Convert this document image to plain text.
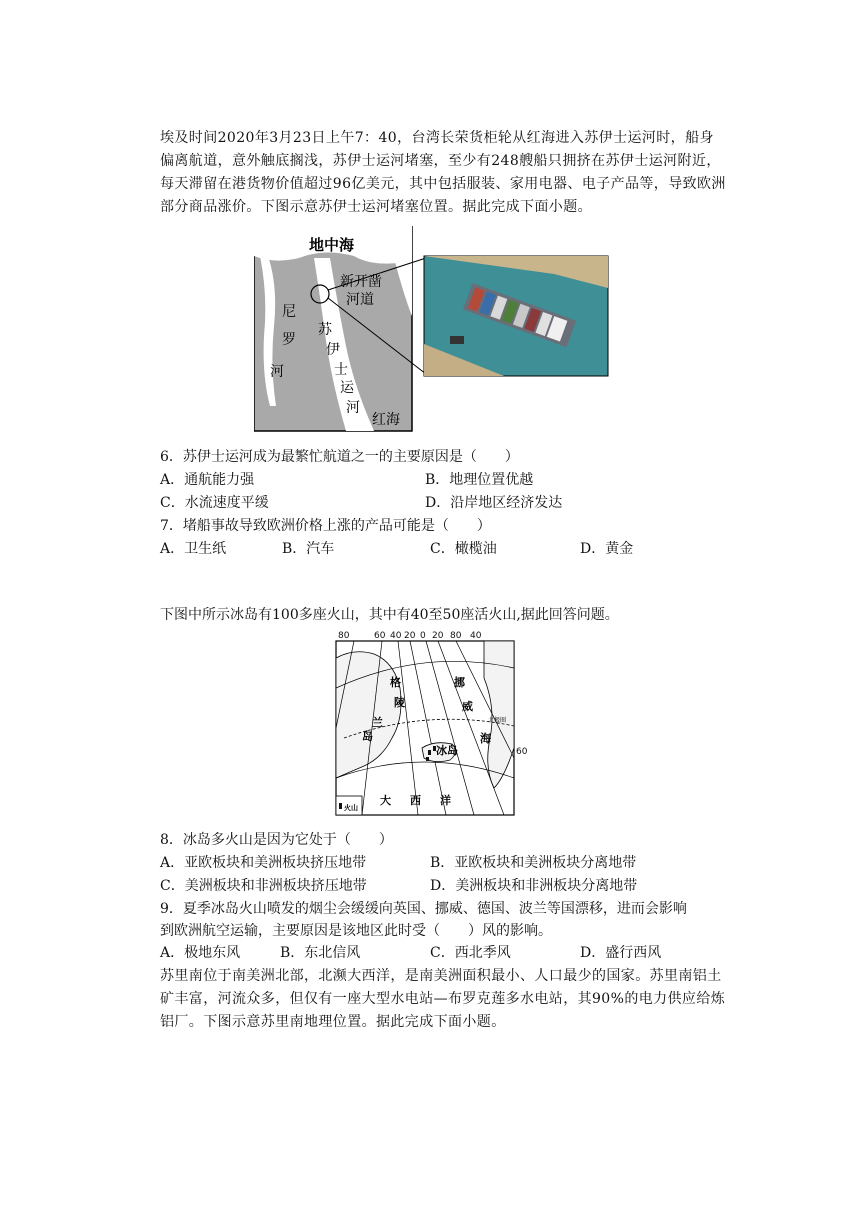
埃及时间2020年3月23日上午7：40，台湾长荣货柜轮从红海进入苏伊士运河时，船身偏离航道，意外触底搁浅，苏伊士运河堵塞，至少有248艘船只拥挤在苏伊士运河附近，每天滞留在港货物价值超过96亿美元，其中包括服装、家用电器、电子产品等，导致欧洲部分商品涨价。下图示意苏伊士运河堵塞位置。据此完成下面小题。
地中海
新开凿
河道
尼
罗
河
苏
伊
士
运
河
红海
6．苏伊士运河成为最繁忙航道之一的主要原因是（　　）
A．通航能力强	B．地理位置优越
C．水流速度平缓	D．沿岸地区经济发达
7．堵船事故导致欧洲价格上涨的产品可能是（　　）
A．卫生纸	B．汽车	C．橄榄油	D．黄金
下图中所示冰岛有100多座火山，其中有40至50座活火山,据此回答问题。
80	60 40 20 0 20 80 40
60
格
陵
兰
岛
挪
威
海
冰岛
大 西 洋
北极圈
火山
8．冰岛多火山是因为它处于（　　）
A．亚欧板块和美洲板块挤压地带	B．亚欧板块和美洲板块分离地带
C．美洲板块和非洲板块挤压地带	D．美洲板块和非洲板块分离地带
9．夏季冰岛火山喷发的烟尘会缓缓向英国、挪威、德国、波兰等国漂移，进而会影响
到欧洲航空运输，主要原因是该地区此时受（　　）风的影响。
A．极地东风	B．东北信风	C．西北季风	D．盛行西风
苏里南位于南美洲北部，北濒大西洋，是南美洲面积最小、人口最少的国家。苏里南铝土矿丰富，河流众多，但仅有一座大型水电站—布罗克莲多水电站，其90%的电力供应给炼铝厂。下图示意苏里南地理位置。据此完成下面小题。
